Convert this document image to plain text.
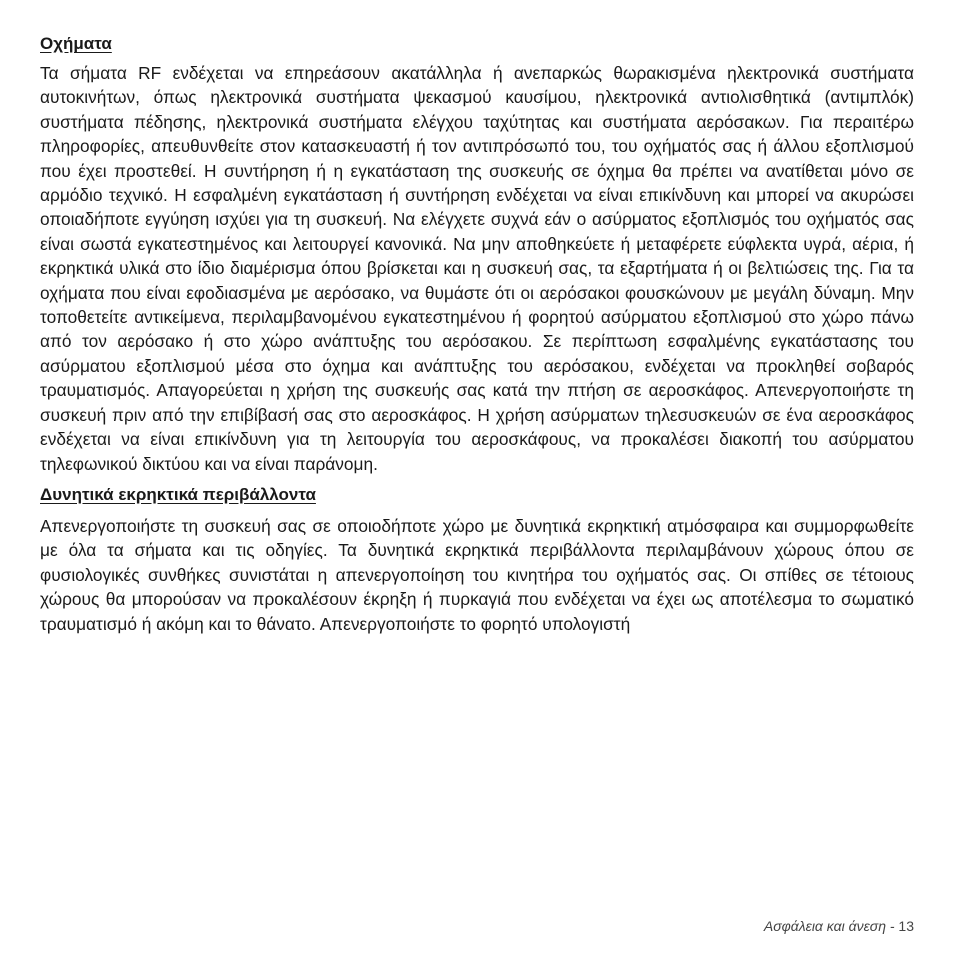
Οχήματα

Τα σήματα RF ενδέχεται να επηρεάσουν ακατάλληλα ή ανεπαρκώς θωρακισμένα ηλεκτρονικά συστήματα αυτοκινήτων, όπως ηλεκτρονικά συστήματα ψεκασμού καυσίμου, ηλεκτρονικά αντιολισθητικά (αντιμπλόκ) συστήματα πέδησης, ηλεκτρονικά συστήματα ελέγχου ταχύτητας και συστήματα αερόσακων. Για περαιτέρω πληροφορίες, απευθυνθείτε στον κατασκευαστή ή τον αντιπρόσωπό του, του οχήματός σας ή άλλου εξοπλισμού που έχει προστεθεί. Η συντήρηση ή η εγκατάσταση της συσκευής σε όχημα θα πρέπει να ανατίθεται μόνο σε αρμόδιο τεχνικό. Η εσφαλμένη εγκατάσταση ή συντήρηση ενδέχεται να είναι επικίνδυνη και μπορεί να ακυρώσει οποιαδήποτε εγγύηση ισχύει για τη συσκευή. Να ελέγχετε συχνά εάν ο ασύρματος εξοπλισμός του οχήματός σας είναι σωστά εγκατεστημένος και λειτουργεί κανονικά. Να μην αποθηκεύετε ή μεταφέρετε εύφλεκτα υγρά, αέρια, ή εκρηκτικά υλικά στο ίδιο διαμέρισμα όπου βρίσκεται και η συσκευή σας, τα εξαρτήματα ή οι βελτιώσεις της. Για τα οχήματα που είναι εφοδιασμένα με αερόσακο, να θυμάστε ότι οι αερόσακοι φουσκώνουν με μεγάλη δύναμη. Μην τοποθετείτε αντικείμενα, περιλαμβανομένου εγκατεστημένου ή φορητού ασύρματου εξοπλισμού στο χώρο πάνω από τον αερόσακο ή στο χώρο ανάπτυξης του αερόσακου. Σε περίπτωση εσφαλμένης εγκατάστασης του ασύρματου εξοπλισμού μέσα στο όχημα και ανάπτυξης του αερόσακου, ενδέχεται να προκληθεί σοβαρός τραυματισμός. Απαγορεύεται η χρήση της συσκευής σας κατά την πτήση σε αεροσκάφος. Απενεργοποιήστε τη συσκευή πριν από την επιβίβασή σας στο αεροσκάφος. Η χρήση ασύρματων τηλεσυσκευών σε ένα αεροσκάφος ενδέχεται να είναι επικίνδυνη για τη λειτουργία του αεροσκάφους, να προκαλέσει διακοπή του ασύρματου τηλεφωνικού δικτύου και να είναι παράνομη.

Δυνητικά εκρηκτικά περιβάλλοντα

Απενεργοποιήστε τη συσκευή σας σε οποιοδήποτε χώρο με δυνητικά εκρηκτική ατμόσφαιρα και συμμορφωθείτε με όλα τα σήματα και τις οδηγίες. Τα δυνητικά εκρηκτικά περιβάλλοντα περιλαμβάνουν χώρους όπου σε φυσιολογικές συνθήκες συνιστάται η απενεργοποίηση του κινητήρα του οχήματός σας. Οι σπίθες σε τέτοιους χώρους θα μπορούσαν να προκαλέσουν έκρηξη ή πυρκαγιά που ενδέχεται να έχει ως αποτέλεσμα το σωματικό τραυματισμό ή ακόμη και το θάνατο. Απενεργοποιήστε το φορητό υπολογιστή

Ασφάλεια και άνεση - 13
